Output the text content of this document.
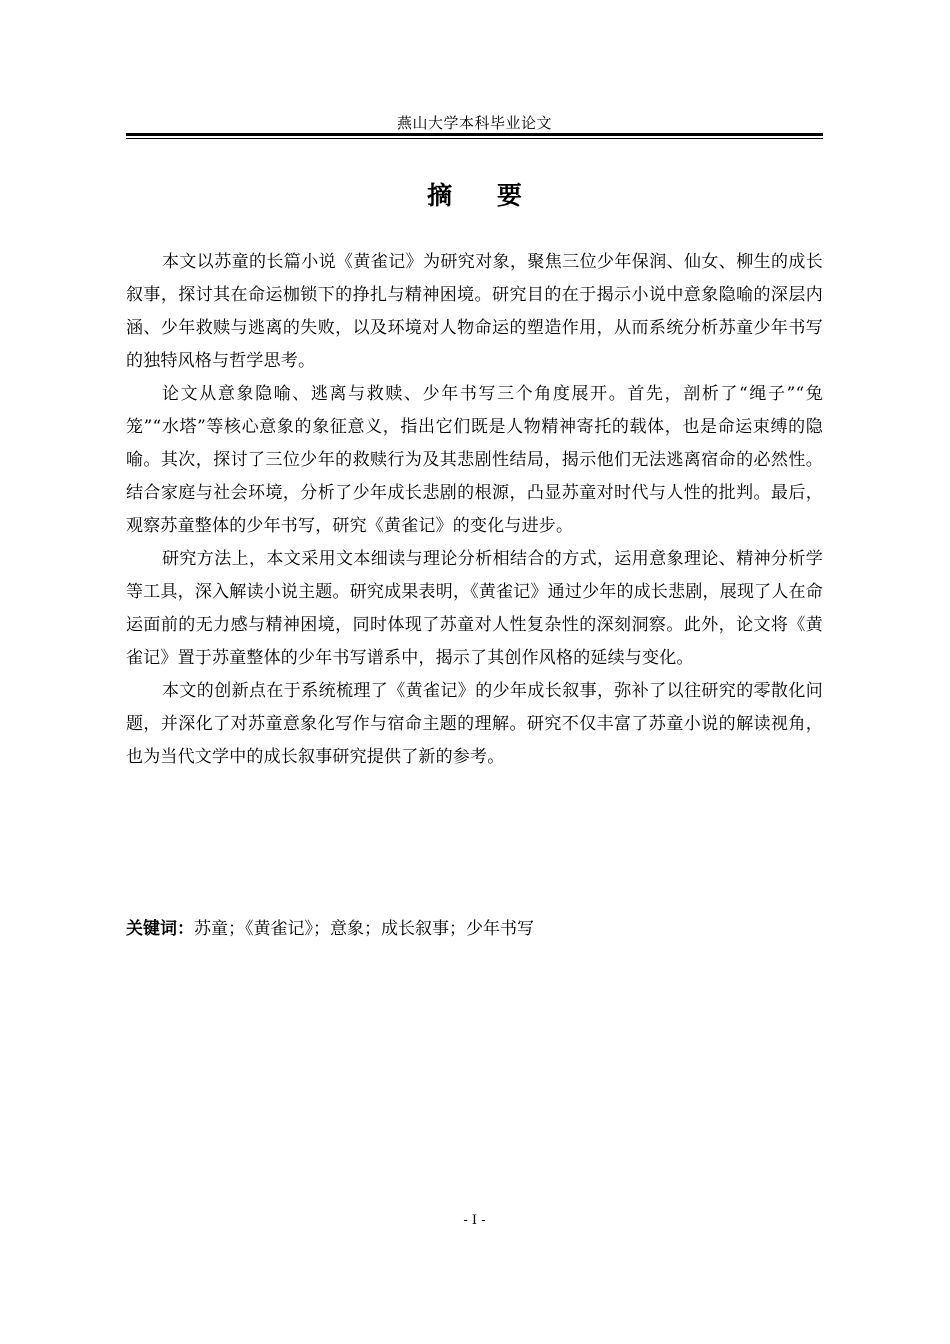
燕山大学本科毕业论文
摘 要

本文以苏童的长篇小说《黄雀记》为研究对象，聚焦三位少年保润、仙女、柳生的成长叙事，探讨其在命运枷锁下的挣扎与精神困境。研究目的在于揭示小说中意象隐喻的深层内涵、少年救赎与逃离的失败，以及环境对人物命运的塑造作用，从而系统分析苏童少年书写的独特风格与哲学思考。

论文从意象隐喻、逃离与救赎、少年书写三个角度展开。首先，剖析了“绳子”“兔笼”“水塔”等核心意象的象征意义，指出它们既是人物精神寄托的载体，也是命运束缚的隐喻。其次，探讨了三位少年的救赎行为及其悲剧性结局，揭示他们无法逃离宿命的必然性。结合家庭与社会环境，分析了少年成长悲剧的根源，凸显苏童对时代与人性的批判。最后，观察苏童整体的少年书写，研究《黄雀记》的变化与进步。

研究方法上，本文采用文本细读与理论分析相结合的方式，运用意象理论、精神分析学等工具，深入解读小说主题。研究成果表明，《黄雀记》通过少年的成长悲剧，展现了人在命运面前的无力感与精神困境，同时体现了苏童对人性复杂性的深刻洞察。此外，论文将《黄雀记》置于苏童整体的少年书写谱系中，揭示了其创作风格的延续与变化。

本文的创新点在于系统梳理了《黄雀记》的少年成长叙事，弥补了以往研究的零散化问题，并深化了对苏童意象化写作与宿命主题的理解。研究不仅丰富了苏童小说的解读视角，也为当代文学中的成长叙事研究提供了新的参考。

关键词：苏童；《黄雀记》；意象；成长叙事；少年书写
- I -
